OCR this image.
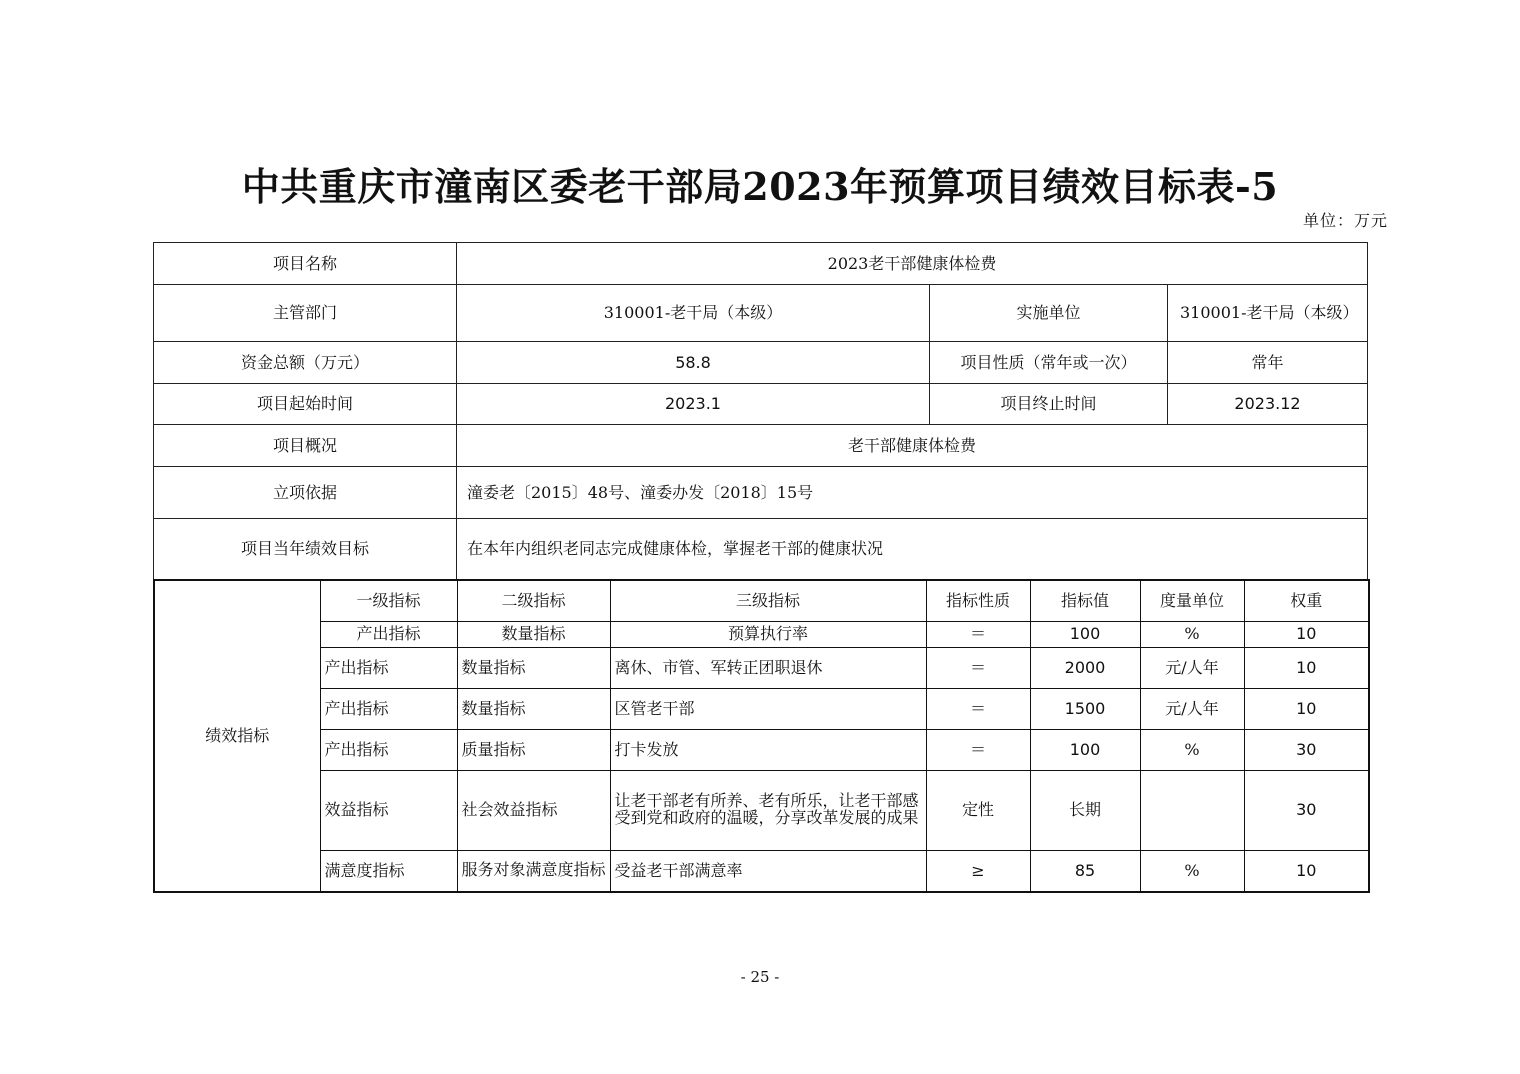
中共重庆市潼南区委老干部局2023年预算项目绩效目标表-5
单位：万元
项目名称	2023老干部健康体检费		
主管部门	310001-老干局（本级）	实施单位	310001-老干局（本级）
资金总额（万元）	58.8	项目性质（常年或一次）	常年
项目起始时间	2023.1	项目终止时间	2023.12
项目概况	老干部健康体检费		
立项依据	潼委老〔2015〕48号、潼委办发〔2018〕15号		
项目当年绩效目标	在本年内组织老同志完成健康体检，掌握老干部的健康状况		
绩效指标	一级指标	二级指标	三级指标	指标性质	指标值	度量单位	权重
	产出指标	数量指标	预算执行率	＝	100	%	10
	产出指标	数量指标	离休、市管、军转正团职退休	＝	2000	元/人年	10
	产出指标	数量指标	区管老干部	＝	1500	元/人年	10
	产出指标	质量指标	打卡发放	＝	100	%	30
	效益指标	社会效益指标	让老干部老有所养、老有所乐，让老干部感受到党和政府的温暖，分享改革发展的成果	定性	长期		30
	满意度指标	服务对象满意度指标	受益老干部满意率	≥	85	%	10
- 25 -
